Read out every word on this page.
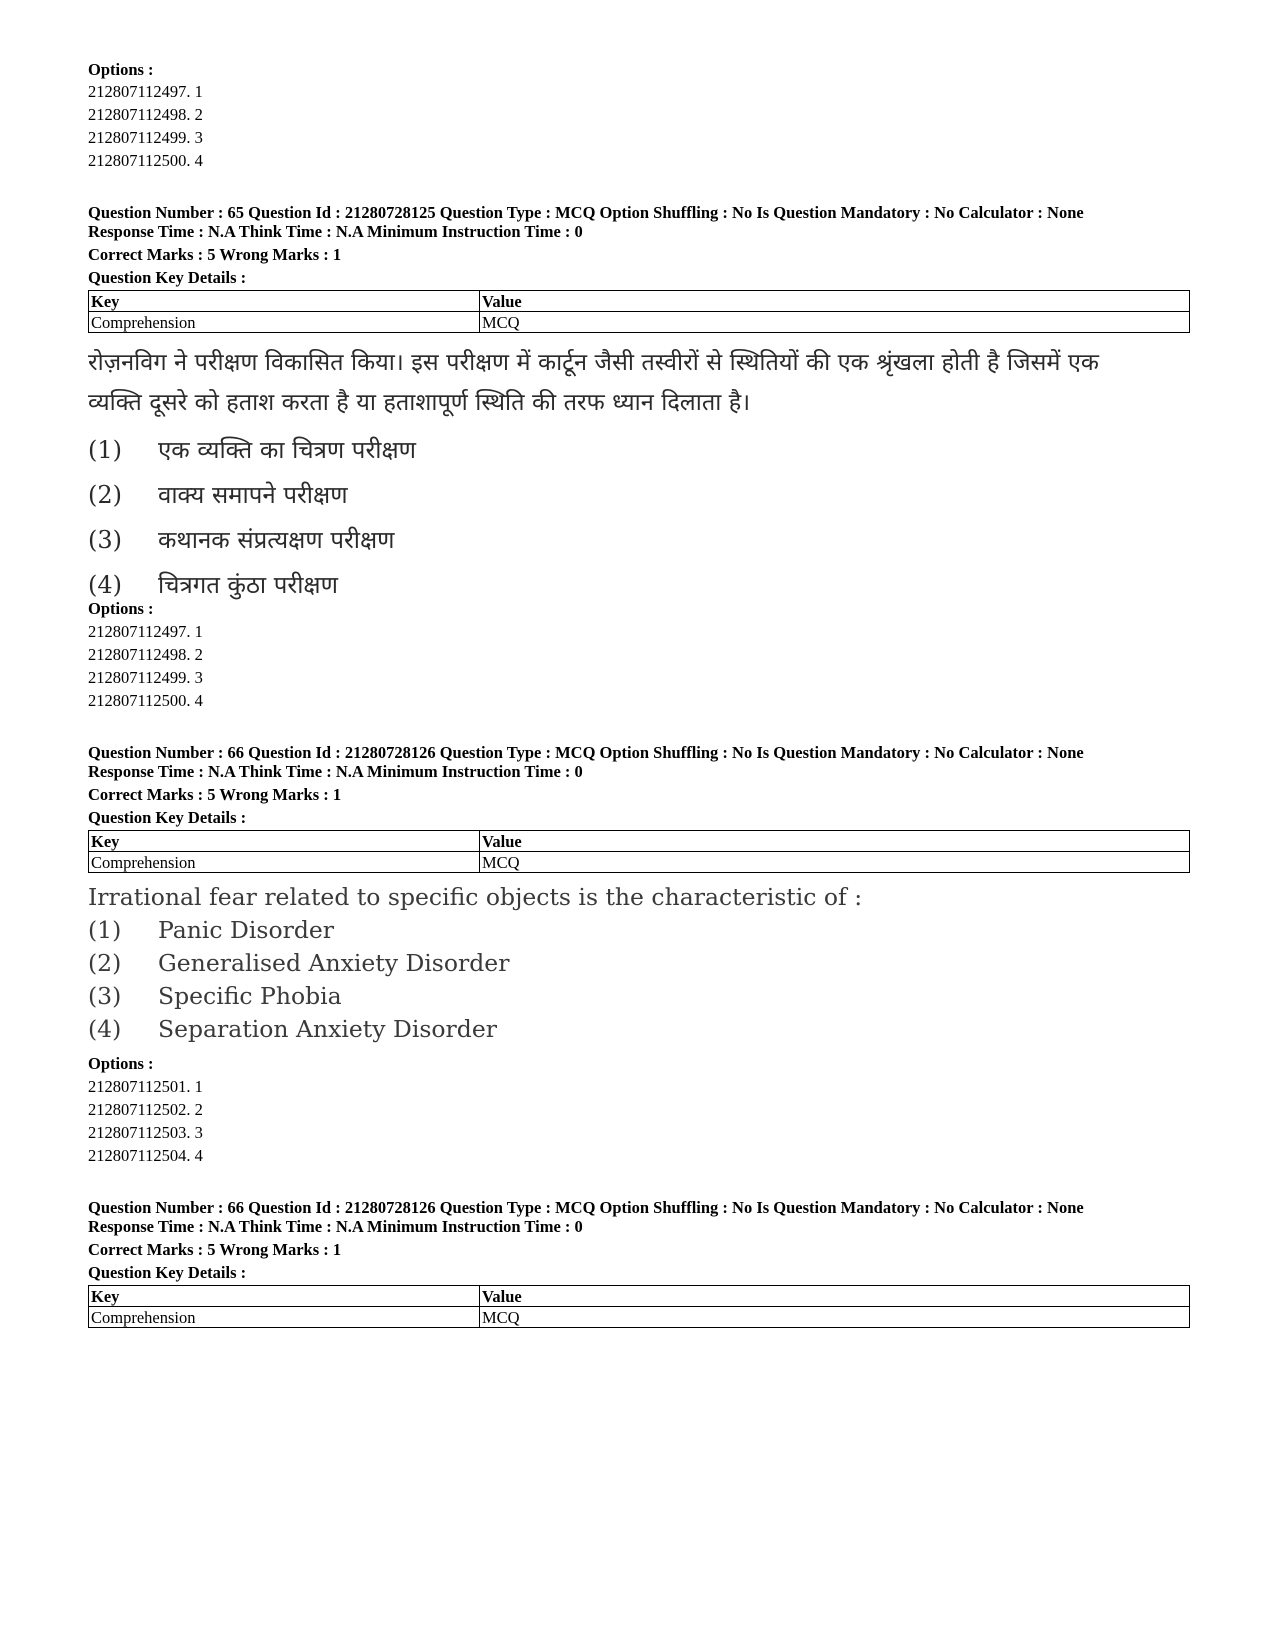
Options :
212807112497. 1
212807112498. 2
212807112499. 3
212807112500. 4
Question Number : 65 Question Id : 21280728125 Question Type : MCQ Option Shuffling : No Is Question Mandatory : No Calculator : None
Response Time : N.A Think Time : N.A Minimum Instruction Time : 0
Correct Marks : 5 Wrong Marks : 1
Question Key Details :
Key	Value
Comprehension	MCQ
रोज़नविग ने परीक्षण विकासित किया। इस परीक्षण में कार्टून जैसी तस्वीरों से स्थितियों की एक श्रृंखला होती है जिसमें एक
व्यक्ति दूसरे को हताश करता है या हताशापूर्ण स्थिति की तरफ ध्यान दिलाता है।
(1) एक व्यक्ति का चित्रण परीक्षण
(2) वाक्य समापने परीक्षण
(3) कथानक संप्रत्यक्षण परीक्षण
(4) चित्रगत कुंठा परीक्षण
Options :
212807112497. 1
212807112498. 2
212807112499. 3
212807112500. 4
Question Number : 66 Question Id : 21280728126 Question Type : MCQ Option Shuffling : No Is Question Mandatory : No Calculator : None
Response Time : N.A Think Time : N.A Minimum Instruction Time : 0
Correct Marks : 5 Wrong Marks : 1
Question Key Details :
Key	Value
Comprehension	MCQ
Irrational fear related to specific objects is the characteristic of :
(1) Panic Disorder
(2) Generalised Anxiety Disorder
(3) Specific Phobia
(4) Separation Anxiety Disorder
Options :
212807112501. 1
212807112502. 2
212807112503. 3
212807112504. 4
Question Number : 66 Question Id : 21280728126 Question Type : MCQ Option Shuffling : No Is Question Mandatory : No Calculator : None
Response Time : N.A Think Time : N.A Minimum Instruction Time : 0
Correct Marks : 5 Wrong Marks : 1
Question Key Details :
Key	Value
Comprehension	MCQ
